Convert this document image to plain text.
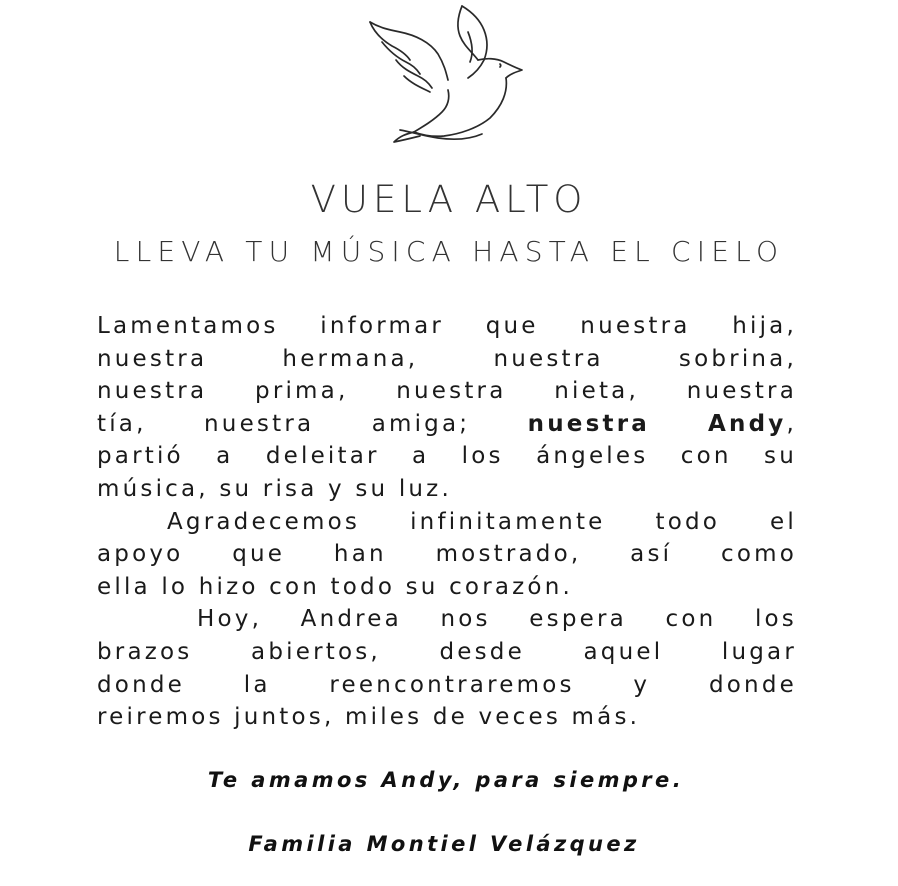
VUELA ALTO
LLEVA TU MÚSICA HASTA EL CIELO
Lamentamos informar que nuestra hija,
nuestra hermana, nuestra sobrina,
nuestra prima, nuestra nieta, nuestra
tía, nuestra amiga; nuestra Andy,
partió a deleitar a los ángeles con su
música, su risa y su luz.
Agradecemos infinitamente todo el
apoyo que han mostrado, así como
ella lo hizo con todo su corazón.
Hoy, Andrea nos espera con los
brazos abiertos, desde aquel lugar
donde la reencontraremos y donde
reiremos juntos, miles de veces más.
Te amamos Andy, para siempre.
Familia Montiel Velázquez
